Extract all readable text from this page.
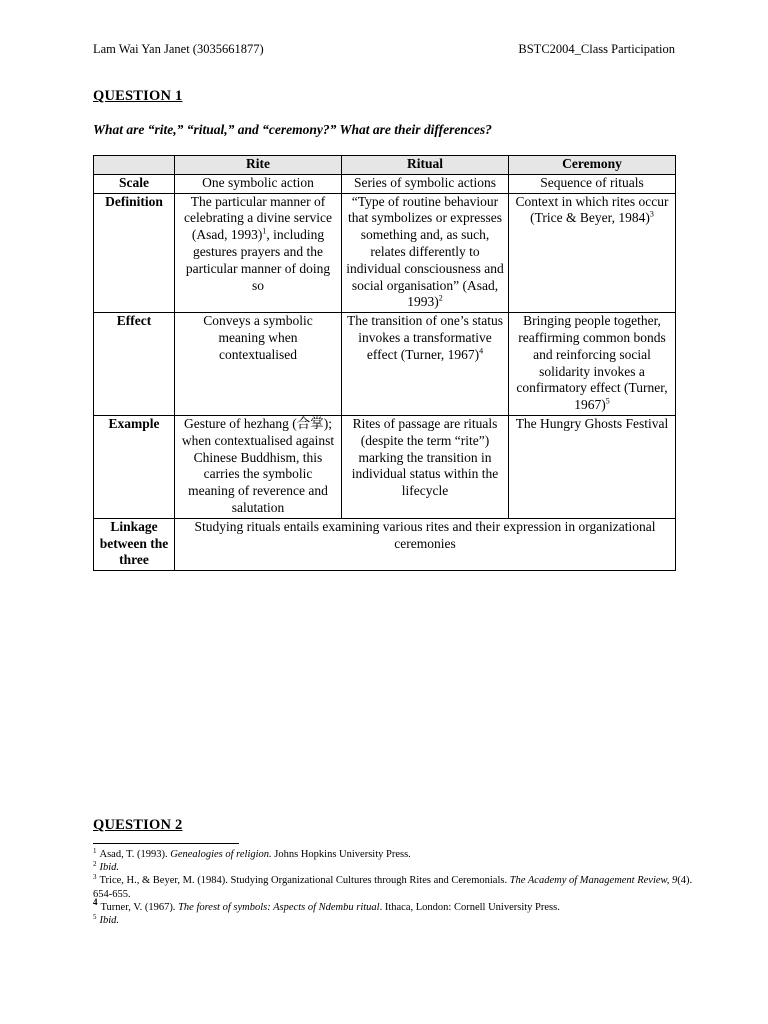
Lam Wai Yan Janet (3035661877)	BSTC2004_Class Participation
QUESTION 1
What are “rite,” “ritual,” and “ceremony?” What are their differences?
	Rite	Ritual	Ceremony
Scale	One symbolic action	Series of symbolic actions	Sequence of rituals
Definition	The particular manner of celebrating a divine service (Asad, 1993)$^1$, including gestures prayers and the particular manner of doing so	“Type of routine behaviour that symbolizes or expresses something and, as such, relates differently to individual consciousness and social organisation” (Asad, 1993)$^2$	Context in which rites occur (Trice & Beyer, 1984)$^3$
Effect	Conveys a symbolic meaning when contextualised	The transition of one’s status invokes a transformative effect (Turner, 1967)$^4$	Bringing people together, reaffirming common bonds and reinforcing social solidarity invokes a confirmatory effect (Turner, 1967)$^5$
Example	Gesture of hezhang (合掌); when contextualised against Chinese Buddhism, this carries the symbolic meaning of reverence and salutation	Rites of passage are rituals (despite the term “rite”) marking the transition in individual status within the lifecycle	The Hungry Ghosts Festival
Linkage between the three	Studying rituals entails examining various rites and their expression in organizational ceremonies		
QUESTION 2
$^1$ Asad, T. (1993). Genealogies of religion. Johns Hopkins University Press.
$^2$ Ibid.
$^3$ Trice, H., & Beyer, M. (1984). Studying Organizational Cultures through Rites and Ceremonials. The Academy of Management Review, 9(4). 654-655.
4 Turner, V. (1967). The forest of symbols: Aspects of Ndembu ritual. Ithaca, London: Cornell University Press.
$^5$ Ibid.
